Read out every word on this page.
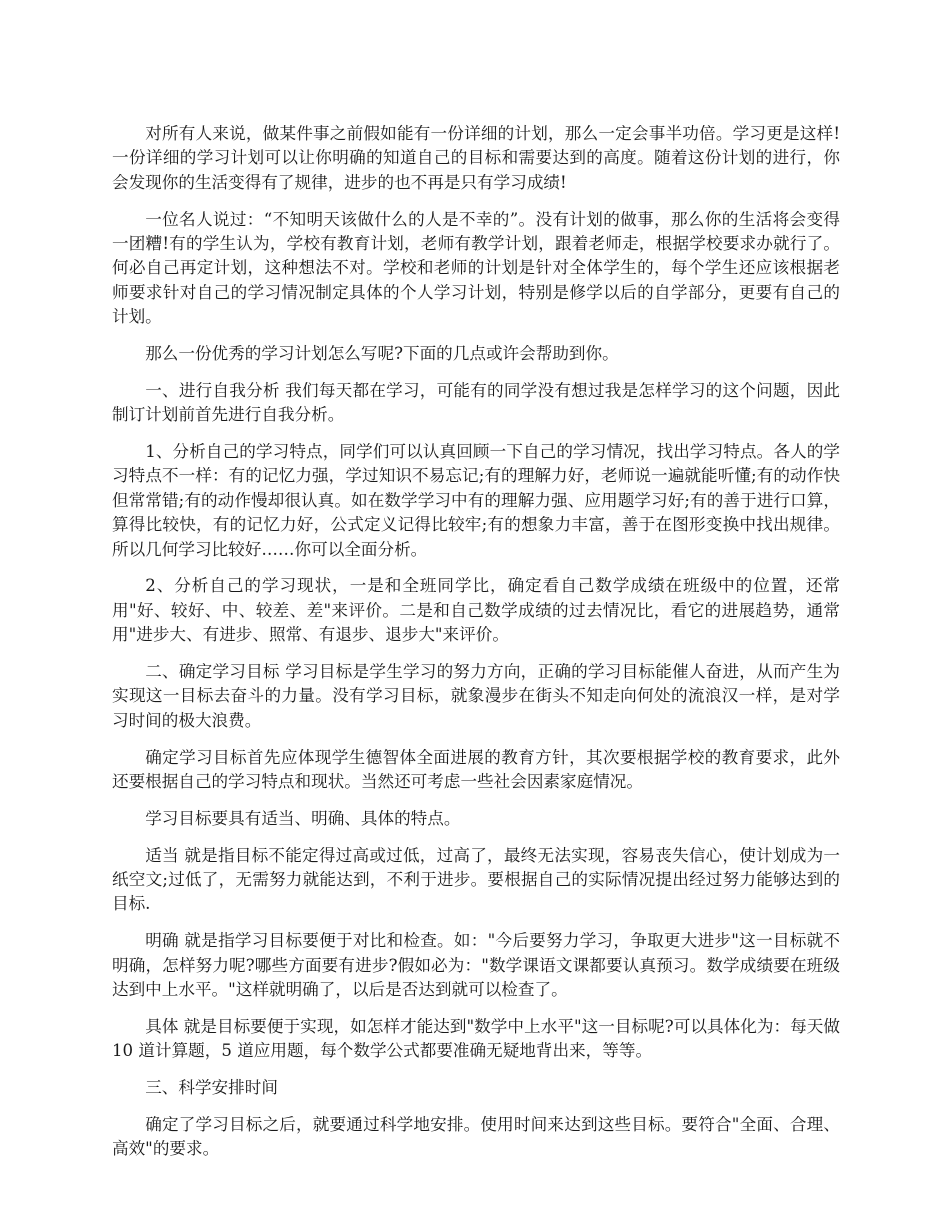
对所有人来说，做某件事之前假如能有一份详细的计划，那么一定会事半功倍。学习更是这样!一份详细的学习计划可以让你明确的知道自己的目标和需要达到的高度。随着这份计划的进行，你会发现你的生活变得有了规律，进步的也不再是只有学习成绩!

一位名人说过：“不知明天该做什么的人是不幸的”。没有计划的做事，那么你的生活将会变得一团糟!有的学生认为，学校有教育计划，老师有教学计划，跟着老师走，根据学校要求办就行了。何必自己再定计划，这种想法不对。学校和老师的计划是针对全体学生的，每个学生还应该根据老师要求针对自己的学习情况制定具体的个人学习计划，特别是修学以后的自学部分，更要有自己的计划。

那么一份优秀的学习计划怎么写呢?下面的几点或许会帮助到你。

一、进行自我分析 我们每天都在学习，可能有的同学没有想过我是怎样学习的这个问题，因此制订计划前首先进行自我分析。

1、分析自己的学习特点，同学们可以认真回顾一下自己的学习情况，找出学习特点。各人的学习特点不一样：有的记忆力强，学过知识不易忘记;有的理解力好，老师说一遍就能听懂;有的动作快但常常错;有的动作慢却很认真。如在数学学习中有的理解力强、应用题学习好;有的善于进行口算，算得比较快，有的记忆力好，公式定义记得比较牢;有的想象力丰富，善于在图形变换中找出规律。所以几何学习比较好……你可以全面分析。

2、分析自己的学习现状，一是和全班同学比，确定看自己数学成绩在班级中的位置，还常用"好、较好、中、较差、差"来评价。二是和自己数学成绩的过去情况比，看它的进展趋势，通常用"进步大、有进步、照常、有退步、退步大"来评价。

二、确定学习目标 学习目标是学生学习的努力方向，正确的学习目标能催人奋进，从而产生为实现这一目标去奋斗的力量。没有学习目标，就象漫步在街头不知走向何处的流浪汉一样，是对学习时间的极大浪费。

确定学习目标首先应体现学生德智体全面进展的教育方针，其次要根据学校的教育要求，此外还要根据自己的学习特点和现状。当然还可考虑一些社会因素家庭情况。

学习目标要具有适当、明确、具体的特点。

适当 就是指目标不能定得过高或过低，过高了，最终无法实现，容易丧失信心，使计划成为一纸空文;过低了，无需努力就能达到，不利于进步。要根据自己的实际情况提出经过努力能够达到的目标.

明确 就是指学习目标要便于对比和检查。如："今后要努力学习，争取更大进步"这一目标就不明确，怎样努力呢?哪些方面要有进步?假如必为："数学课语文课都要认真预习。数学成绩要在班级达到中上水平。"这样就明确了，以后是否达到就可以检查了。

具体 就是目标要便于实现，如怎样才能达到"数学中上水平"这一目标呢?可以具体化为：每天做 10 道计算题，5 道应用题，每个数学公式都要准确无疑地背出来，等等。

三、科学安排时间

确定了学习目标之后，就要通过科学地安排。使用时间来达到这些目标。要符合"全面、合理、高效"的要求。
